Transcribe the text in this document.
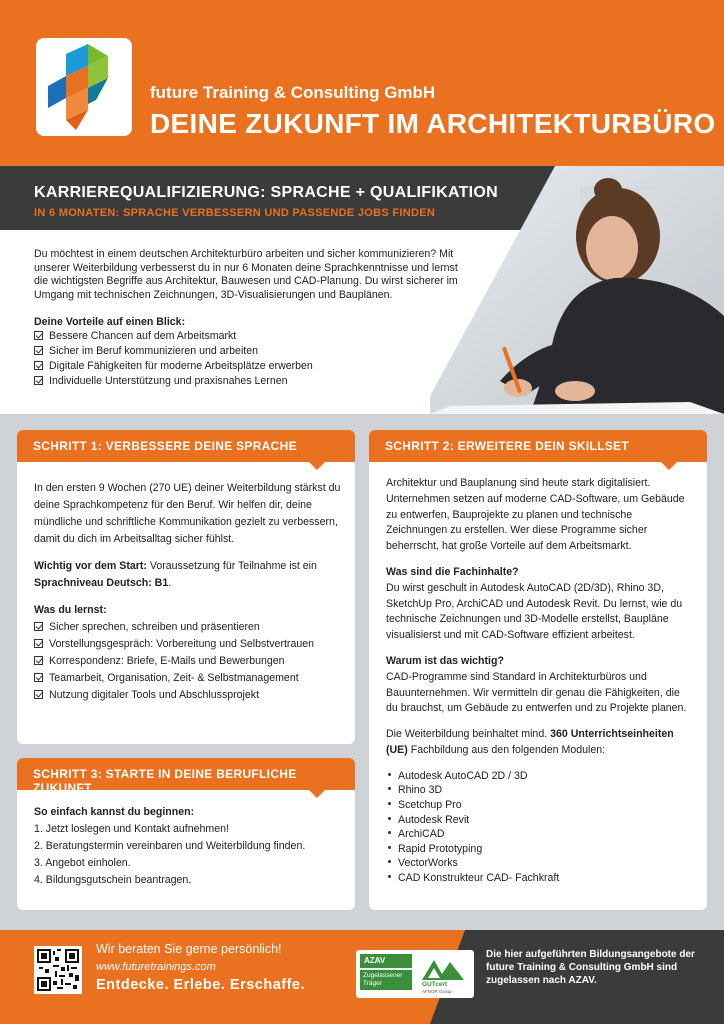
future Training & Consulting GmbH
DEINE ZUKUNFT IM ARCHITEKTURBÜRO
KARRIEREQUALIFIZIERUNG: SPRACHE + QUALIFIKATION
IN 6 MONATEN: SPRACHE VERBESSERN UND PASSENDE JOBS FINDEN
Du möchtest in einem deutschen Architekturbüro arbeiten und sicher kommunizieren? Mit unserer Weiterbildung verbesserst du in nur 6 Monaten deine Sprachkenntnisse und lernst die wichtigsten Begriffe aus Architektur, Bauwesen und CAD-Planung. Du wirst sicherer im Umgang mit technischen Zeichnungen, 3D-Visualisierungen und Bauplänen.
Deine Vorteile auf einen Blick:
Bessere Chancen auf dem Arbeitsmarkt
Sicher im Beruf kommunizieren und arbeiten
Digitale Fähigkeiten für moderne Arbeitsplätze erwerben
Individuelle Unterstützung und praxisnahes Lernen
SCHRITT 1: VERBESSERE DEINE SPRACHE

In den ersten 9 Wochen (270 UE) deiner Weiterbildung stärkst du deine Sprachkompetenz für den Beruf. Wir helfen dir, deine mündliche und schriftliche Kommunikation gezielt zu verbessern, damit du dich im Arbeitsalltag sicher fühlst.

Wichtig vor dem Start: Voraussetzung für Teilnahme ist ein
Sprachniveau Deutsch: B1.

Was du lernst:
Sicher sprechen, schreiben und präsentieren
Vorstellungsgespräch: Vorbereitung und Selbstvertrauen
Korrespondenz: Briefe, E-Mails und Bewerbungen
Teamarbeit, Organisation, Zeit- & Selbstmanagement
Nutzung digitaler Tools und Abschlussprojekt
SCHRITT 3: STARTE IN DEINE BERUFLICHE ZUKUNFT
So einfach kannst du beginnen:
1. Jetzt loslegen und Kontakt aufnehmen!
2. Beratungstermin vereinbaren und Weiterbildung finden.
3. Angebot einholen.
4. Bildungsgutschein beantragen.
SCHRITT 2: ERWEITERE DEIN SKILLSET

Architektur und Bauplanung sind heute stark digitalisiert. Unternehmen setzen auf moderne CAD-Software, um Gebäude zu entwerfen, Bauprojekte zu planen und technische Zeichnungen zu erstellen. Wer diese Programme sicher beherrscht, hat große Vorteile auf dem Arbeitsmarkt.

Was sind die Fachinhalte?

Du wirst geschult in Autodesk AutoCAD (2D/3D), Rhino 3D, SketchUp Pro, ArchiCAD und Autodesk Revit. Du lernst, wie du technische Zeichnungen und 3D-Modelle erstellst, Baupläne visualisierst und mit CAD-Software effizient arbeitest.

Warum ist das wichtig?

CAD-Programme sind Standard in Architekturbüros und Bauunternehmen. Wir vermitteln dir genau die Fähigkeiten, die du brauchst, um Gebäude zu entwerfen und zu Projekte planen.

Die Weiterbildung beinhaltet mind. 360 Unterrichtseinheiten (UE) Fachbildung aus den folgenden Modulen:

Autodesk AutoCAD 2D / 3D
Rhino 3D
Scetchup Pro
Autodesk Revit
ArchiCAD
Rapid Prototyping
VectorWorks
CAD Konstrukteur CAD- Fachkraft
Wir beraten Sie gerne persönlich!
www.futuretrainings.com
Entdecke. Erlebe. Erschaffe.
AZAV
Zugelassener Träger	GUTcert
AFNOR Group
Die hier aufgeführten Bildungsangebote der future Training & Consulting GmbH sind zugelassen nach AZAV.
